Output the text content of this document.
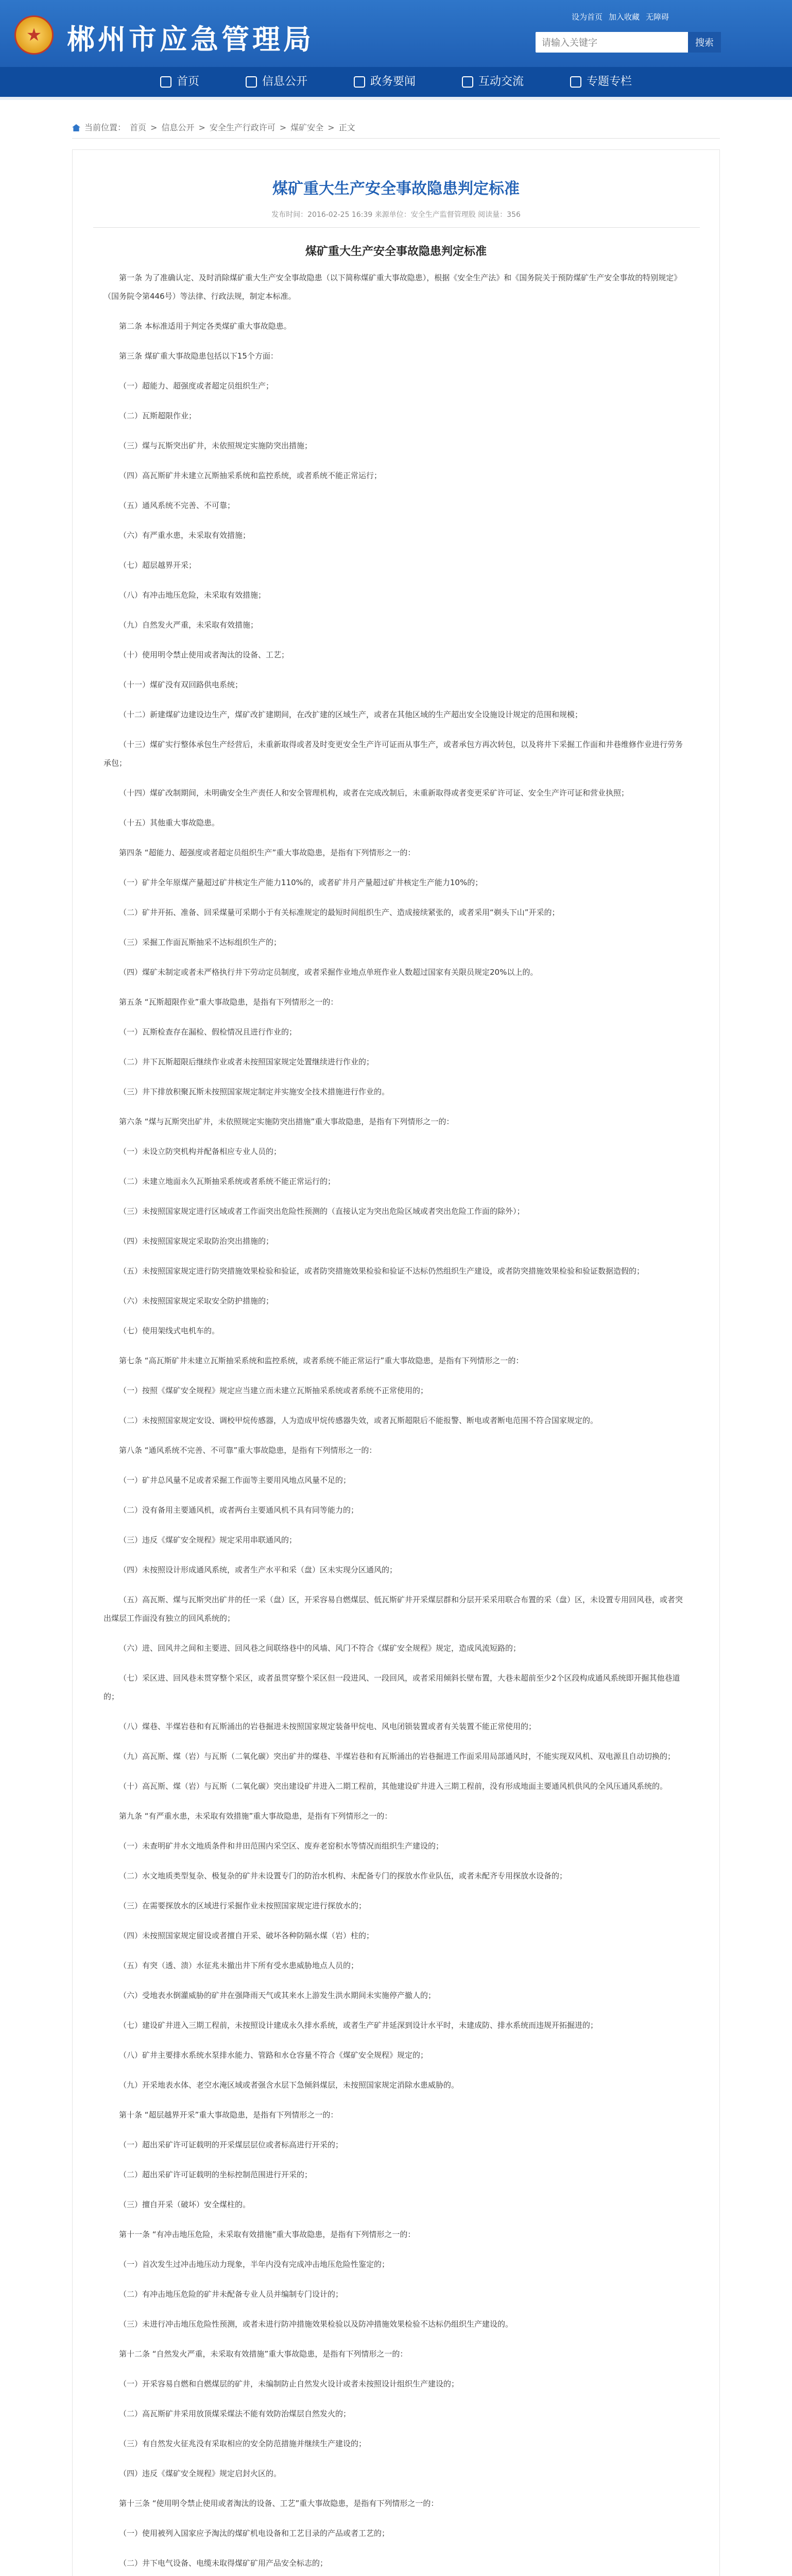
★ 郴州市应急管理局
设为首页 加入收藏 无障碍
请输入关键字
搜索
首页	信息公开	政务要闻	互动交流	专题专栏
当前位置： 首页 > 信息公开 > 安全生产行政许可 > 煤矿安全 > 正文
煤矿重大生产安全事故隐患判定标准
发布时间：2016-02-25 16:39 来源单位：安全生产监督管理股 阅读量：356
煤矿重大生产安全事故隐患判定标准

第一条 为了准确认定、及时消除煤矿重大生产安全事故隐患（以下简称煤矿重大事故隐患），根据《安全生产法》和《国务院关于预防煤矿生产安全事故的特别规定》（国务院令第446号）等法律、行政法规，制定本标准。

第二条 本标准适用于判定各类煤矿重大事故隐患。

第三条 煤矿重大事故隐患包括以下15个方面：

（一）超能力、超强度或者超定员组织生产；

（二）瓦斯超限作业；

（三）煤与瓦斯突出矿井，未依照规定实施防突出措施；

（四）高瓦斯矿井未建立瓦斯抽采系统和监控系统，或者系统不能正常运行；

（五）通风系统不完善、不可靠；

（六）有严重水患，未采取有效措施；

（七）超层越界开采；

（八）有冲击地压危险，未采取有效措施；

（九）自然发火严重，未采取有效措施；

（十）使用明令禁止使用或者淘汰的设备、工艺；

（十一）煤矿没有双回路供电系统；

（十二）新建煤矿边建设边生产，煤矿改扩建期间，在改扩建的区域生产，或者在其他区域的生产超出安全设施设计规定的范围和规模；

（十三）煤矿实行整体承包生产经营后，未重新取得或者及时变更安全生产许可证而从事生产，或者承包方再次转包，以及将井下采掘工作面和井巷维修作业进行劳务承包；

（十四）煤矿改制期间，未明确安全生产责任人和安全管理机构，或者在完成改制后，未重新取得或者变更采矿许可证、安全生产许可证和营业执照；

（十五）其他重大事故隐患。

第四条 “超能力、超强度或者超定员组织生产”重大事故隐患，是指有下列情形之一的：

（一）矿井全年原煤产量超过矿井核定生产能力110%的，或者矿井月产量超过矿井核定生产能力10%的；

（二）矿井开拓、准备、回采煤量可采期小于有关标准规定的最短时间组织生产、造成接续紧张的，或者采用“剃头下山”开采的；

（三）采掘工作面瓦斯抽采不达标组织生产的；

（四）煤矿未制定或者未严格执行井下劳动定员制度，或者采掘作业地点单班作业人数超过国家有关限员规定20%以上的。

第五条 “瓦斯超限作业”重大事故隐患，是指有下列情形之一的：

（一）瓦斯检查存在漏检、假检情况且进行作业的；

（二）井下瓦斯超限后继续作业或者未按照国家规定处置继续进行作业的；

（三）井下排放积聚瓦斯未按照国家规定制定并实施安全技术措施进行作业的。

第六条 “煤与瓦斯突出矿井，未依照规定实施防突出措施”重大事故隐患，是指有下列情形之一的：

（一）未设立防突机构并配备相应专业人员的；

（二）未建立地面永久瓦斯抽采系统或者系统不能正常运行的；

（三）未按照国家规定进行区域或者工作面突出危险性预测的（直接认定为突出危险区域或者突出危险工作面的除外）；

（四）未按照国家规定采取防治突出措施的；

（五）未按照国家规定进行防突措施效果检验和验证，或者防突措施效果检验和验证不达标仍然组织生产建设，或者防突措施效果检验和验证数据造假的；

（六）未按照国家规定采取安全防护措施的；

（七）使用架线式电机车的。

第七条 “高瓦斯矿井未建立瓦斯抽采系统和监控系统，或者系统不能正常运行”重大事故隐患，是指有下列情形之一的：

（一）按照《煤矿安全规程》规定应当建立而未建立瓦斯抽采系统或者系统不正常使用的；

（二）未按照国家规定安设、调校甲烷传感器，人为造成甲烷传感器失效，或者瓦斯超限后不能报警、断电或者断电范围不符合国家规定的。

第八条 “通风系统不完善、不可靠”重大事故隐患，是指有下列情形之一的：

（一）矿井总风量不足或者采掘工作面等主要用风地点风量不足的；

（二）没有备用主要通风机，或者两台主要通风机不具有同等能力的；

（三）违反《煤矿安全规程》规定采用串联通风的；

（四）未按照设计形成通风系统，或者生产水平和采（盘）区未实现分区通风的；

（五）高瓦斯、煤与瓦斯突出矿井的任一采（盘）区，开采容易自燃煤层、低瓦斯矿井开采煤层群和分层开采采用联合布置的采（盘）区，未设置专用回风巷，或者突出煤层工作面没有独立的回风系统的；

（六）进、回风井之间和主要进、回风巷之间联络巷中的风墙、风门不符合《煤矿安全规程》规定，造成风流短路的；

（七）采区进、回风巷未贯穿整个采区，或者虽贯穿整个采区但一段进风、一段回风，或者采用倾斜长壁布置，大巷未超前至少2个区段构成通风系统即开掘其他巷道的；

（八）煤巷、半煤岩巷和有瓦斯涌出的岩巷掘进未按照国家规定装备甲烷电、风电闭锁装置或者有关装置不能正常使用的；

（九）高瓦斯、煤（岩）与瓦斯（二氧化碳）突出矿井的煤巷、半煤岩巷和有瓦斯涌出的岩巷掘进工作面采用局部通风时，不能实现双风机、双电源且自动切换的；

（十）高瓦斯、煤（岩）与瓦斯（二氧化碳）突出建设矿井进入二期工程前，其他建设矿井进入三期工程前，没有形成地面主要通风机供风的全风压通风系统的。

第九条 “有严重水患，未采取有效措施”重大事故隐患，是指有下列情形之一的：

（一）未查明矿井水文地质条件和井田范围内采空区、废弃老窑积水等情况而组织生产建设的；

（二）水文地质类型复杂、极复杂的矿井未设置专门的防治水机构、未配备专门的探放水作业队伍，或者未配齐专用探放水设备的；

（三）在需要探放水的区域进行采掘作业未按照国家规定进行探放水的；

（四）未按照国家规定留设或者擅自开采、破坏各种防隔水煤（岩）柱的；

（五）有突（透、溃）水征兆未撤出井下所有受水患威胁地点人员的；

（六）受地表水倒灌威胁的矿井在强降雨天气或其来水上游发生洪水期间未实施停产撤人的；

（七）建设矿井进入三期工程前，未按照设计建成永久排水系统，或者生产矿井延深到设计水平时，未建成防、排水系统而违规开拓掘进的；

（八）矿井主要排水系统水泵排水能力、管路和水仓容量不符合《煤矿安全规程》规定的；

（九）开采地表水体、老空水淹区域或者强含水层下急倾斜煤层，未按照国家规定消除水患威胁的。

第十条 “超层越界开采”重大事故隐患，是指有下列情形之一的：

（一）超出采矿许可证载明的开采煤层层位或者标高进行开采的；

（二）超出采矿许可证载明的坐标控制范围进行开采的；

（三）擅自开采（破坏）安全煤柱的。

第十一条 “有冲击地压危险，未采取有效措施”重大事故隐患，是指有下列情形之一的：

（一）首次发生过冲击地压动力现象，半年内没有完成冲击地压危险性鉴定的；

（二）有冲击地压危险的矿井未配备专业人员并编制专门设计的；

（三）未进行冲击地压危险性预测，或者未进行防冲措施效果检验以及防冲措施效果检验不达标仍组织生产建设的。

第十二条 “自然发火严重，未采取有效措施”重大事故隐患，是指有下列情形之一的：

（一）开采容易自燃和自燃煤层的矿井，未编制防止自然发火设计或者未按照设计组织生产建设的；

（二）高瓦斯矿井采用放顶煤采煤法不能有效防治煤层自然发火的；

（三）有自然发火征兆没有采取相应的安全防范措施并继续生产建设的；

（四）违反《煤矿安全规程》规定启封火区的。

第十三条 “使用明令禁止使用或者淘汰的设备、工艺”重大事故隐患，是指有下列情形之一的：

（一）使用被列入国家应予淘汰的煤矿机电设备和工艺目录的产品或者工艺的；

（二）井下电气设备、电缆未取得煤矿矿用产品安全标志的；
